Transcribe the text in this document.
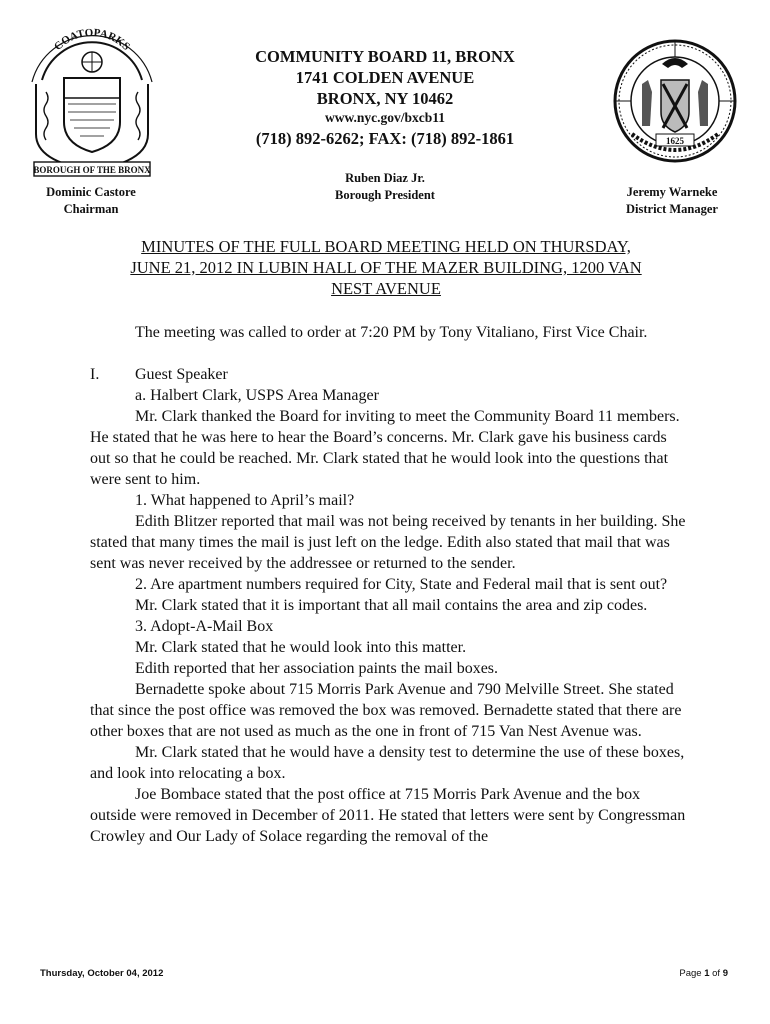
COATOPARKS
BOROUGH OF THE BRONX
1625
COMMUNITY BOARD 11, BRONX
1741 COLDEN AVENUE
BRONX, NY 10462
www.nyc.gov/bxcb11
(718) 892-6262; FAX: (718) 892-1861
Ruben Diaz Jr.
Borough President
Dominic Castore
Chairman
Jeremy Warneke
District Manager
MINUTES OF THE FULL BOARD MEETING HELD ON THURSDAY,
JUNE 21, 2012 IN LUBIN HALL OF THE MAZER BUILDING, 1200 VAN
NEST AVENUE

The meeting was called to order at 7:20 PM by Tony Vitaliano, First Vice Chair.

I. Guest Speaker

a. Halbert Clark, USPS Area Manager

Mr. Clark thanked the Board for inviting to meet the Community Board 11 members. He stated that he was here to hear the Board’s concerns. Mr. Clark gave his business cards out so that he could be reached. Mr. Clark stated that he would look into the questions that were sent to him.

1. What happened to April’s mail?

Edith Blitzer reported that mail was not being received by tenants in her building. She stated that many times the mail is just left on the ledge. Edith also stated that mail that was sent was never received by the addressee or returned to the sender.

2. Are apartment numbers required for City, State and Federal mail that is sent out?

Mr. Clark stated that it is important that all mail contains the area and zip codes.

3. Adopt-A-Mail Box

Mr. Clark stated that he would look into this matter.

Edith reported that her association paints the mail boxes.

Bernadette spoke about 715 Morris Park Avenue and 790 Melville Street. She stated that since the post office was removed the box was removed. Bernadette stated that there are other boxes that are not used as much as the one in front of 715 Van Nest Avenue was.

Mr. Clark stated that he would have a density test to determine the use of these boxes, and look into relocating a box.

Joe Bombace stated that the post office at 715 Morris Park Avenue and the box outside were removed in December of 2011. He stated that letters were sent by Congressman Crowley and Our Lady of Solace regarding the removal of the

Thursday, October 04, 2012	Page 1 of 9
